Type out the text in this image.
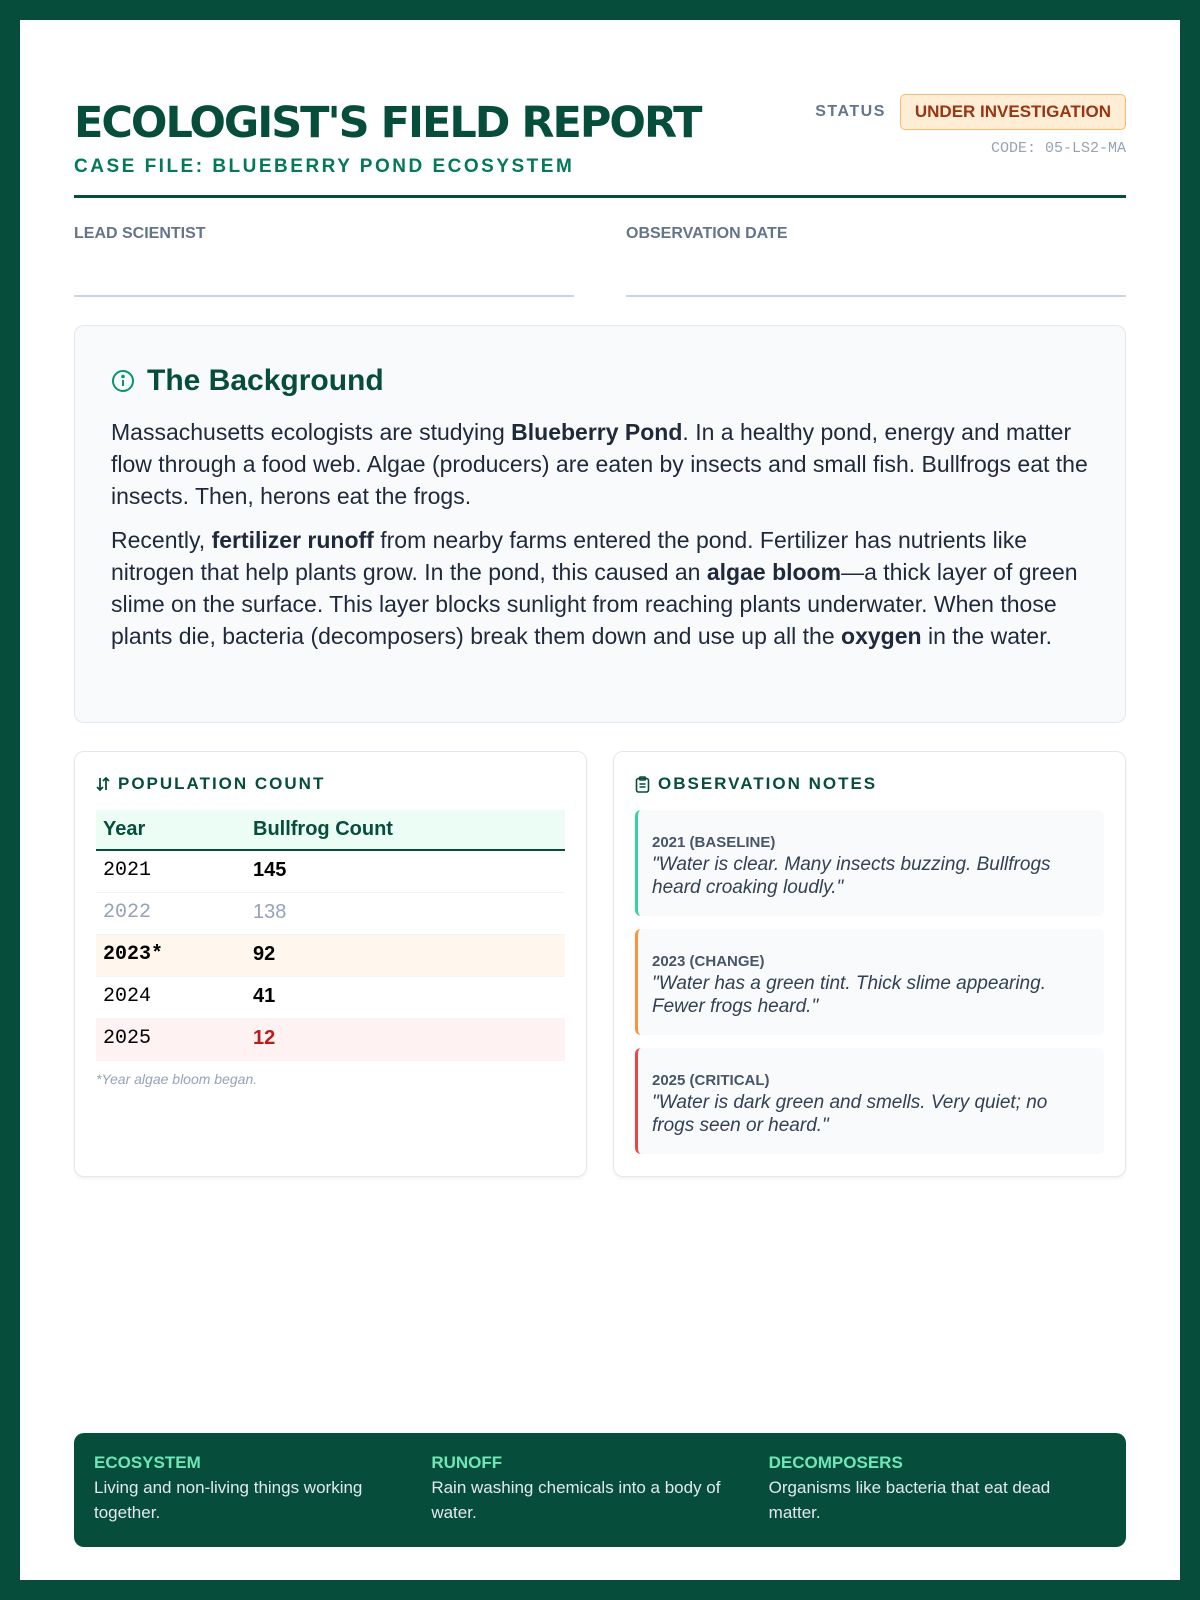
ECOLOGIST'S FIELD REPORT
CASE FILE: BLUEBERRY POND ECOSYSTEM
STATUS	UNDER INVESTIGATION
CODE: 05-LS2-MA
LEAD SCIENTIST	OBSERVATION DATE
The Background

Massachusetts ecologists are studying Blueberry Pond. In a healthy pond, energy and matter flow through a food web. Algae (producers) are eaten by insects and small fish. Bullfrogs eat the insects. Then, herons eat the frogs.

Recently, fertilizer runoff from nearby farms entered the pond. Fertilizer has nutrients like nitrogen that help plants grow. In the pond, this caused an algae bloom—a thick layer of green slime on the surface. This layer blocks sunlight from reaching plants underwater. When those plants die, bacteria (decomposers) break them down and use up all the oxygen in the water.

POPULATION COUNT
Year	Bullfrog Count
2021	145
2022	138
2023*	92
2024	41
2025	12
*Year algae bloom began.
OBSERVATION NOTES
2021 (BASELINE)
"Water is clear. Many insects buzzing. Bullfrogs heard croaking loudly."
2023 (CHANGE)
"Water has a green tint. Thick slime appearing. Fewer frogs heard."
2025 (CRITICAL)
"Water is dark green and smells. Very quiet; no frogs seen or heard."
ECOSYSTEM
Living and non-living things working together.
RUNOFF
Rain washing chemicals into a body of water.
DECOMPOSERS
Organisms like bacteria that eat dead matter.
